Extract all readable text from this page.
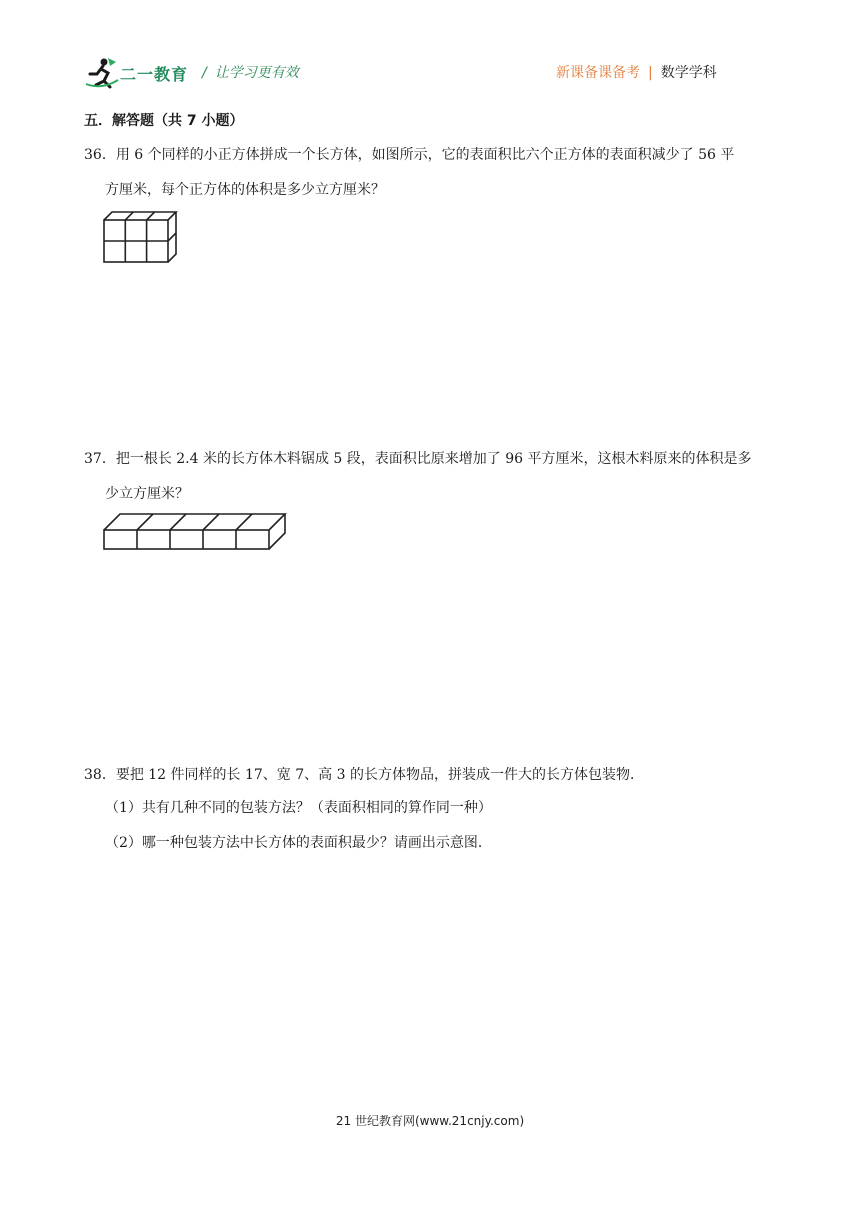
二一教育 / 让学习更有效	新课备课备考 | 数学学科
五．解答题（共 7 小题）
36．用 6 个同样的小正方体拼成一个长方体，如图所示，它的表面积比六个正方体的表面积减少了 56 平
方厘米，每个正方体的体积是多少立方厘米？
37．把一根长 2.4 米的长方体木料锯成 5 段，表面积比原来增加了 96 平方厘米，这根木料原来的体积是多
少立方厘米？
38．要把 12 件同样的长 17、宽 7、高 3 的长方体物品，拼装成一件大的长方体包装物．
（1）共有几种不同的包装方法？（表面积相同的算作同一种）
（2）哪一种包装方法中长方体的表面积最少？请画出示意图．
21 世纪教育网(www.21cnjy.com)
